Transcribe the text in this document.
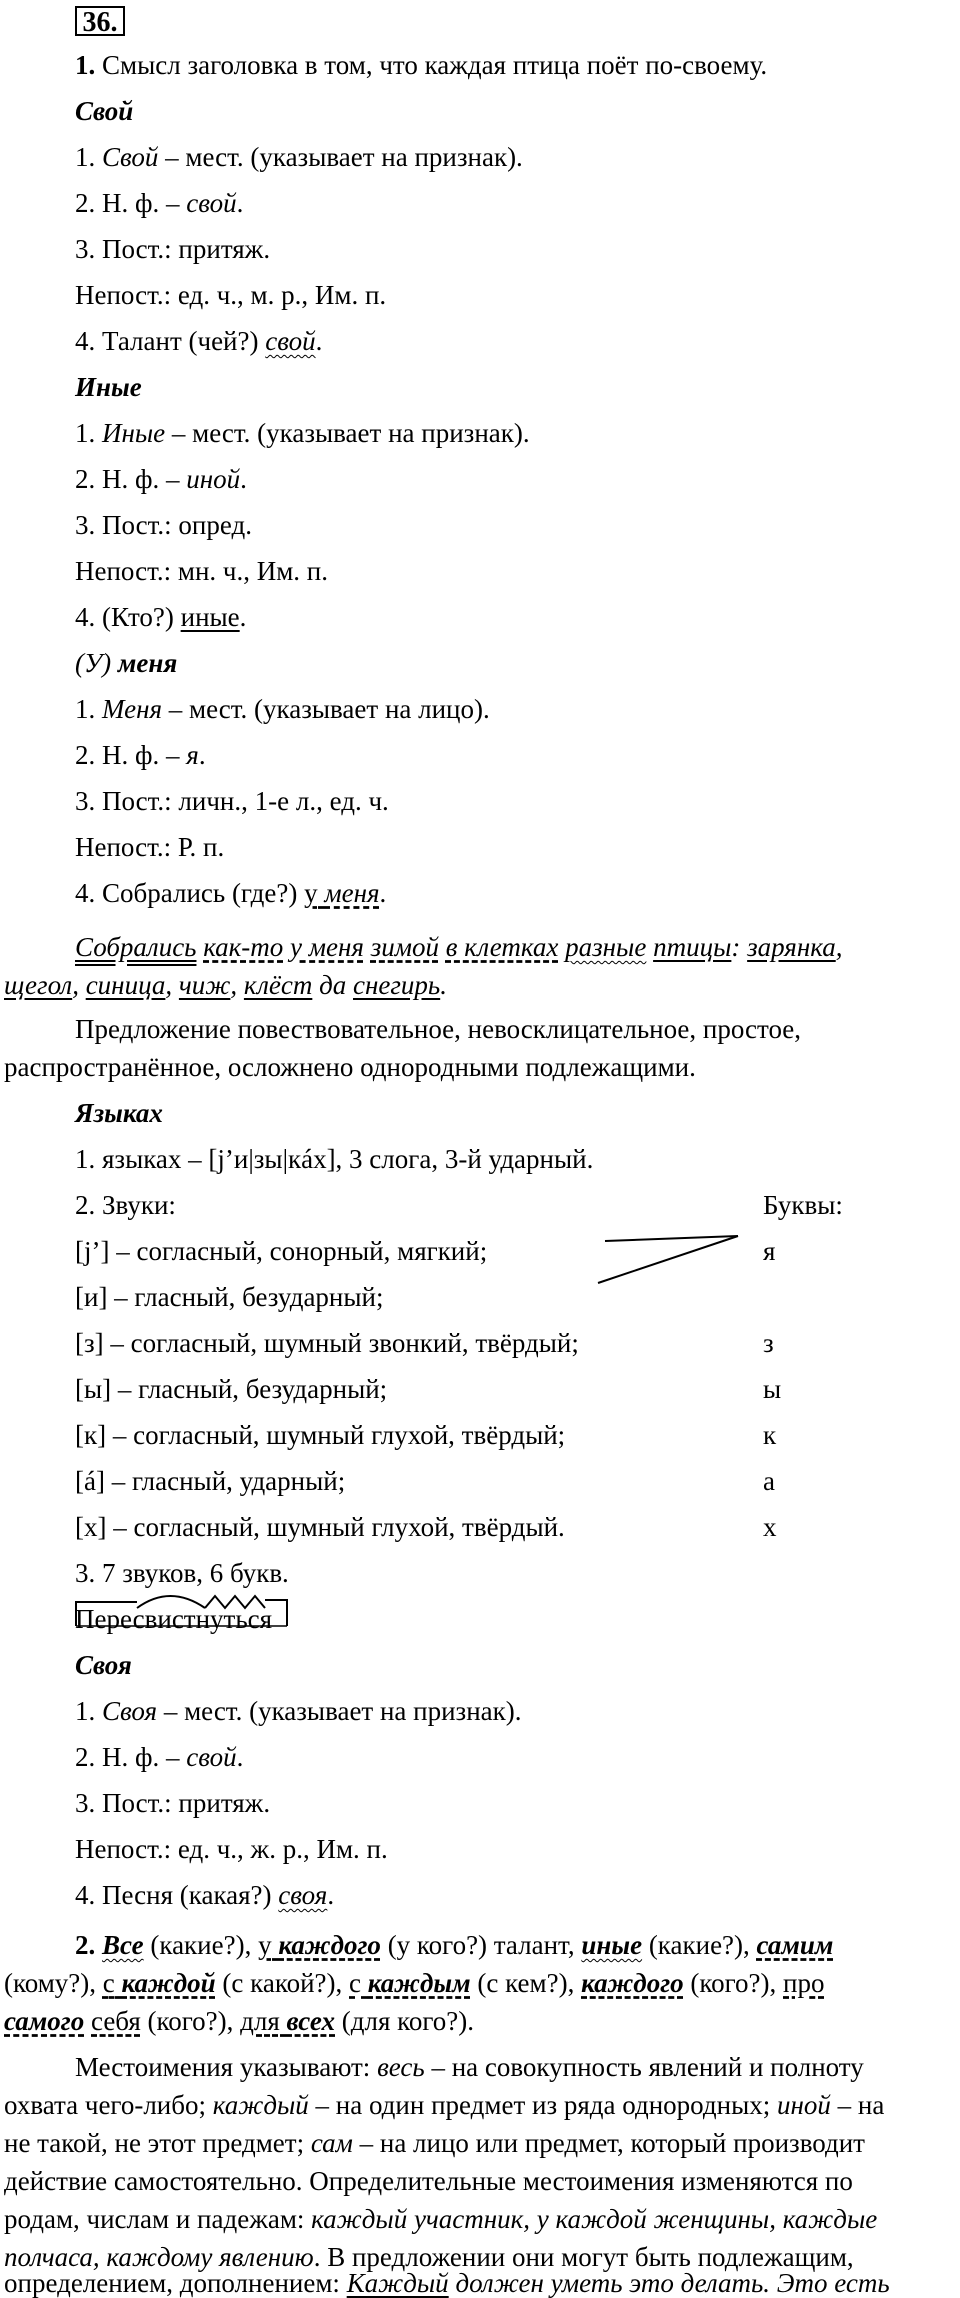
36.
1. Смысл заголовка в том, что каждая птица поёт по-своему.
Свой
1. Свой – мест. (указывает на признак).
2. Н. ф. – свой.
3. Пост.: притяж.
Непост.: ед. ч., м. р., Им. п.
4. Талант (чей?) свой.
Иные
1. Иные – мест. (указывает на признак).
2. Н. ф. – иной.
3. Пост.: опред.
Непост.: мн. ч., Им. п.
4. (Кто?) иные.
(У) меня
1. Меня – мест. (указывает на лицо).
2. Н. ф. – я.
3. Пост.: личн., 1-е л., ед. ч.
Непост.: Р. п.
4. Собрались (где?) у меня.
Собрались как-то у меня зимой в клетках разные птицы: зарянка,
щегол, синица, чиж, клёст да снегирь.
Предложение повествовательное, невосклицательное, простое,
распространённое, осложнено однородными подлежащими.
Языках
1. языках – [j’и|зы|кáх], 3 слога, 3-й ударный.
2. Звуки:	Буквы:
[j’] – согласный, сонорный, мягкий;	я
[и] – гласный, безударный;
[з] – согласный, шумный звонкий, твёрдый;	з
[ы] – гласный, безударный;	ы
[к] – согласный, шумный глухой, твёрдый;	к
[á] – гласный, ударный;	а
[х] – согласный, шумный глухой, твёрдый.	х
3. 7 звуков, 6 букв.
Пересвистнуться
Своя
1. Своя – мест. (указывает на признак).
2. Н. ф. – свой.
3. Пост.: притяж.
Непост.: ед. ч., ж. р., Им. п.
4. Песня (какая?) своя.
2. Все (какие?), у каждого (у кого?) талант, иные (какие?), самим
(кому?), с каждой (с какой?), с каждым (с кем?), каждого (кого?), про
самого себя (кого?), для всех (для кого?).
Местоимения указывают: весь – на совокупность явлений и полноту
охвата чего-либо; каждый – на один предмет из ряда однородных; иной – на
не такой, не этот предмет; сам – на лицо или предмет, который производит
действие самостоятельно. Определительные местоимения изменяются по
родам, числам и падежам: каждый участник, у каждой женщины, каждые
полчаса, каждому явлению. В предложении они могут быть подлежащим,
определением, дополнением: Каждый должен уметь это делать. Это есть
